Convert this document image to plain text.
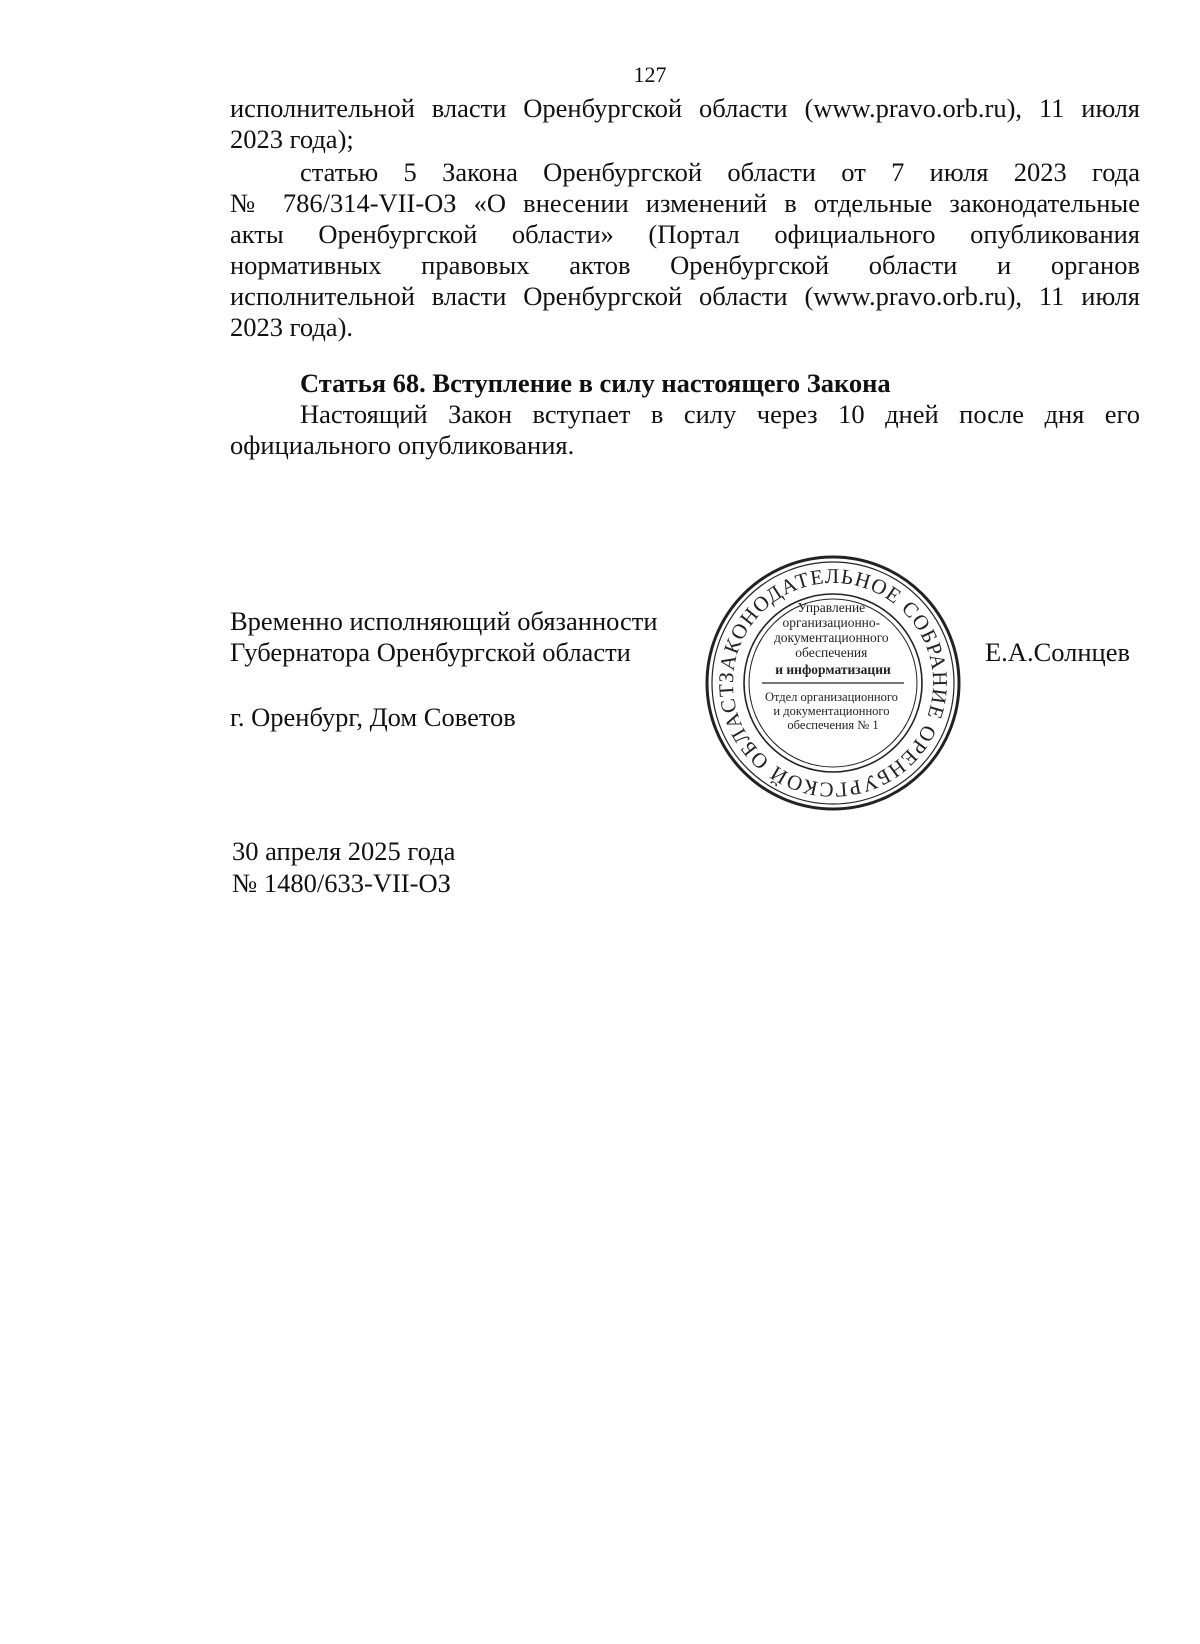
127
исполнительной власти Оренбургской области (www.pravo.orb.ru), 11 июля
2023 года);
статью 5 Закона Оренбургской области от 7 июля 2023 года
№ 786/314-VII-ОЗ «О внесении изменений в отдельные законодательные
акты Оренбургской области» (Портал официального опубликования
нормативных правовых актов Оренбургской области и органов
исполнительной власти Оренбургской области (www.pravo.orb.ru), 11 июля
2023 года).
Статья 68. Вступление в силу настоящего Закона
Настоящий Закон вступает в силу через 10 дней после дня его
официального опубликования.
Временно исполняющий обязанности
Губернатора Оренбургской области	Е.А.Солнцев
г. Оренбург, Дом Советов
ЗАКОНОДАТЕЛЬНОЕ СОБРАНИЕ ОРЕНБУРГСКОЙ ОБЛАСТ
Управление организационно- документационного обеспечения и информатизации
Отдел организационного и документационного обеспечения № 1
30 апреля 2025 года
№ 1480/633-VII-ОЗ
